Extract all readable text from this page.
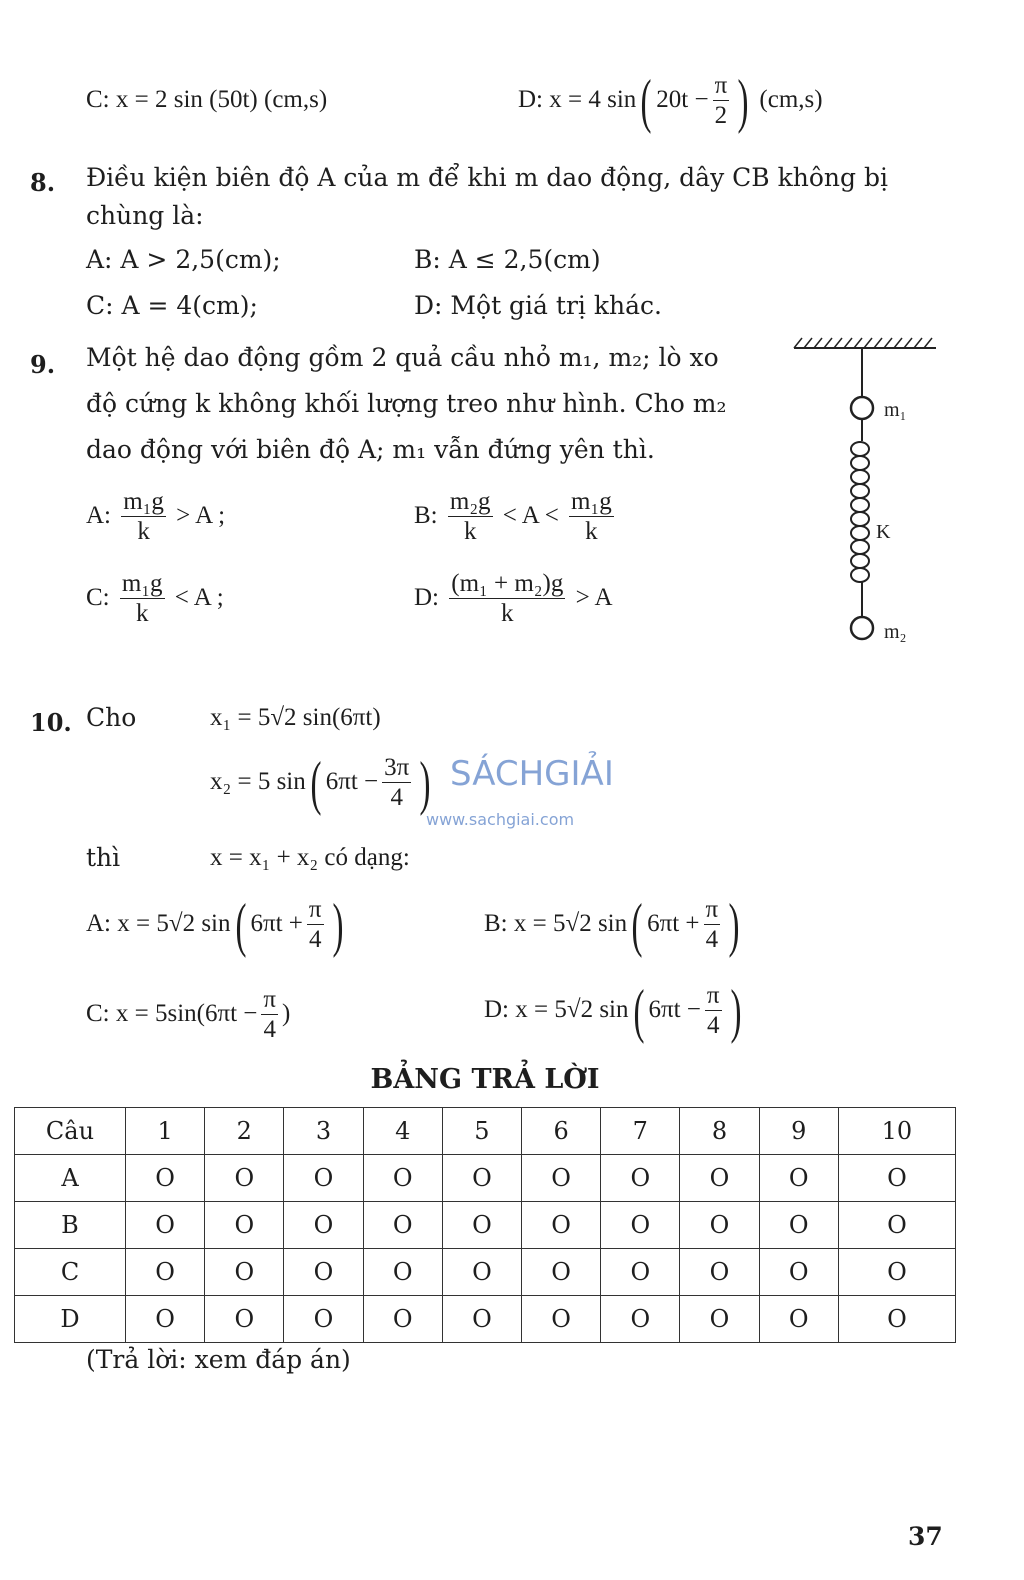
C: x = 2 sin (50t) (cm,s)	D: x = 4 sin( $20t - \frac{\pi}{2}$ ) (cm,s)
8. Điều kiện biên độ A của m để khi m dao động, dây CB không bị
chùng là:
A: A > 2,5(cm);	B: A ≤ 2,5(cm)
C: A = 4(cm);	D: Một giá trị khác.
9. Một hệ dao động gồm 2 quả cầu nhỏ m₁, m₂; lò xo
độ cứng k không khối lượng treo như hình. Cho m₂
dao động với biên độ A; m₁ vẫn đứng yên thì.
A: $\frac{\text{m₁g}}{k} > A$ ;	B: $\frac{\text{m₂g}}{k} < A < \frac{\text{m₁g}}{k}$
C: $\frac{\text{m₁g}}{k} < A$ ;	D: $\frac{\text{(m₁ + m₂)g}}{k} > A$
m₁
K
m₂
10. Cho	x₁ = 5√2 sin(6πt)
x₂ = 5 sin( $6\pi t - \frac{3\pi}{4}$ ) SÁCHGIẢI
www.sachgiai.com
thì	x = x₁ + x₂ có dạng:
A: x = 5√2 sin( $6\pi t + \frac{\pi}{4}$ )	B: x = 5√2 sin( $6\pi t + \frac{\pi}{4}$ )
C: $x = 5\sin(6\pi t - \frac{\pi}{4}$ )	D: x = 5√2 sin( $6\pi t - \frac{\pi}{4}$ )
BẢNG TRẢ LỜI
Câu	1	2	3	4	5	6	7	8	9	10
A	O	O	O	O	O	O	O	O	O	O
B	O	O	O	O	O	O	O	O	O	O
C	O	O	O	O	O	O	O	O	O	O
D	O	O	O	O	O	O	O	O	O	O
(Trả lời: xem đáp án)
37
